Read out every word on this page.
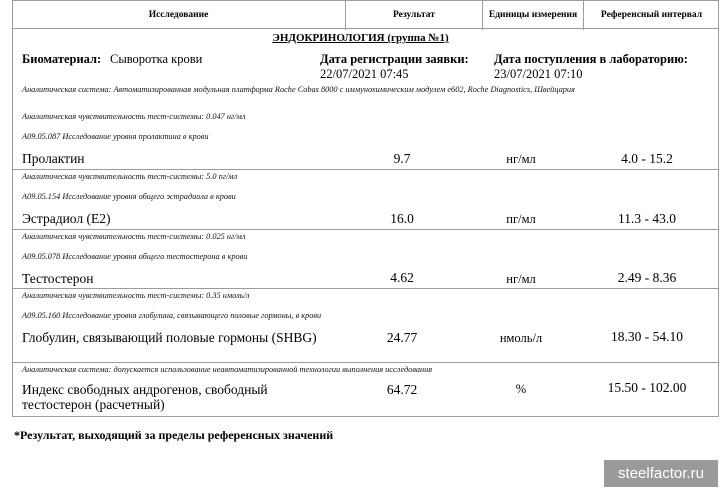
Исследование	Результат	Единицы измерения	Референсный интервал
ЭНДОКРИНОЛОГИЯ (группа №1)
Биоматериал: Сыворотка крови	Дата регистрации заявки:
22/07/2021 07:45
Дата поступления в лабораторию:
23/07/2021 07:10
Аналитическая система: Автоматизированная модульная платформа Roche Cobas 8000 с иммунохимическим модулем e602, Roche Diagnostics, Швейцария
Аналитическая чувствительность тест-системы: 0.047 нг/мл
A09.05.087 Исследование уровня пролактина в крови
Пролактин	9.7	нг/мл	4.0 - 15.2
Аналитическая чувствительность тест-системы: 5.0 пг/мл
A09.05.154 Исследование уровня общего эстрадиола в крови
Эстрадиол (Е2)	16.0	пг/мл	11.3 - 43.0
Аналитическая чувствительность тест-системы: 0.025 нг/мл
A09.05.078 Исследование уровня общего тестостерона в крови
Тестостерон	4.62	нг/мл	2.49 - 8.36
Аналитическая чувствительность тест-системы: 0.35 нмоль/л
A09.05.160 Исследование уровня глобулина, связывающего половые гормоны, в крови
Глобулин, связывающий половые гормоны (SHBG)	24.77	нмоль/л	18.30 - 54.10
Аналитическая система: допускается использование неавтоматизированной технологии выполнения исследования
Индекс свободных андрогенов, свободный тестостерон (расчетный)
64.72	%	15.50 - 102.00
*Результат, выходящий за пределы референсных значений
steelfactor.ru
